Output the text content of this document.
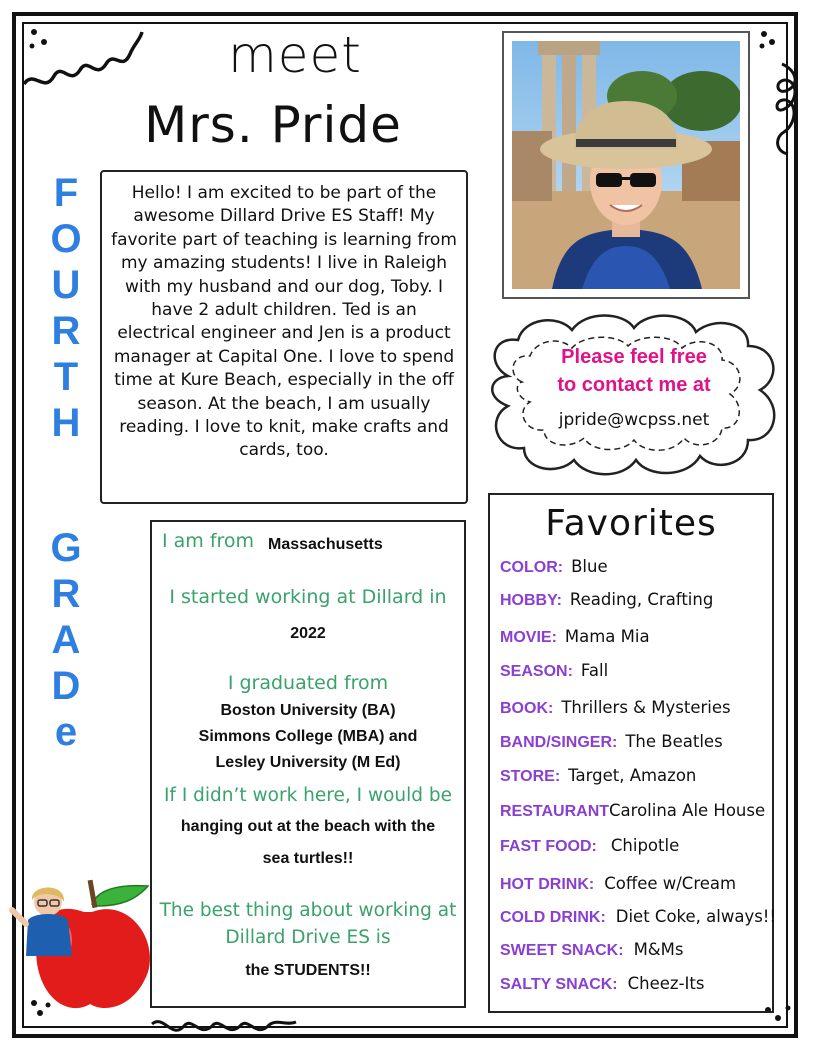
meet
Mrs. Pride
F
O
U
R
T
H
G
R
A
D
e
Hello! I am excited to be part of the awesome Dillard Drive ES Staff! My favorite part of teaching is learning from my amazing students! I live in Raleigh with my husband and our dog, Toby. I have 2 adult children. Ted is an electrical engineer and Jen is a product manager at Capital One. I love to spend time at Kure Beach, especially in the off season. At the beach, I am usually reading. I love to knit, make crafts and cards, too.
Please feel free
to contact me at
jpride@wcpss.net
I am from Massachusetts
I started working at Dillard in
2022
I graduated from
Boston University (BA)
Simmons College (MBA) and
Lesley University (M Ed)
If I didn’t work here, I would be
hanging out at the beach with the
sea turtles!!
The best thing about working at
Dillard Drive ES is
the STUDENTS!!
Favorites
COLOR: Blue
HOBBY: Reading, Crafting
MOVIE: Mama Mia
SEASON: Fall
BOOK: Thrillers & Mysteries
BAND/SINGER: The Beatles
STORE: Target, Amazon
RESTAURANTCarolina Ale House
FAST FOOD: Chipotle
HOT DRINK: Coffee w/Cream
COLD DRINK: Diet Coke, always!!
SWEET SNACK: M&Ms
SALTY SNACK: Cheez-Its
